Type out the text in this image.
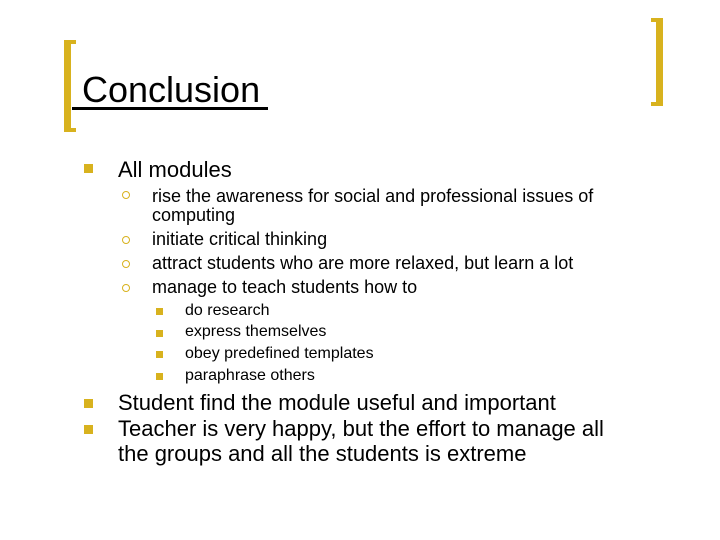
Conclusion
All modules
rise the awareness for social and professional issues of
computing
initiate critical thinking
attract students who are more relaxed, but learn a lot
manage to teach students how to
do research
express themselves
obey predefined templates
paraphrase others
Student find the module useful and important
Teacher is very happy, but the effort to manage all
the groups and all the students is extreme
